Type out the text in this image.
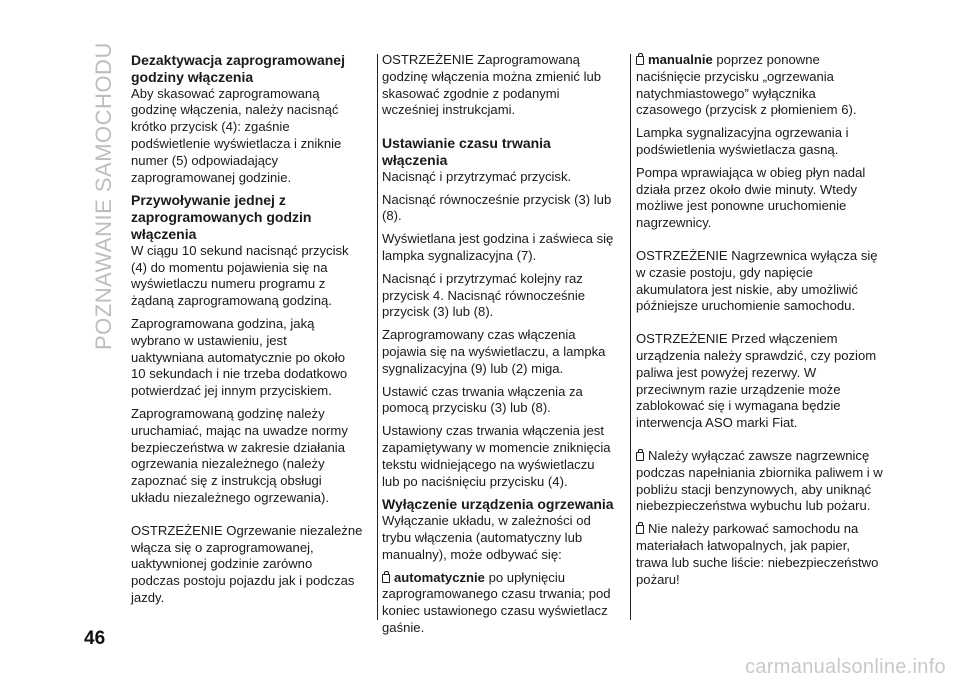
POZNAWANIE SAMOCHODU
46
Dezaktywacja zaprogramowanej godziny włączenia

Aby skasować zaprogramowaną godzinę włączenia, należy nacisnąć krótko przycisk (4): zgaśnie podświetlenie wyświetlacza i zniknie numer (5) odpowiadający zaprogramowanej godzinie.

Przywoływanie jednej z zaprogramowanych godzin włączenia

W ciągu 10 sekund nacisnąć przycisk (4) do momentu pojawienia się na wyświetlaczu numeru programu z żądaną zaprogramowaną godziną.

Zaprogramowana godzina, jaką wybrano w ustawieniu, jest uaktywniana automatycznie po około 10 sekundach i nie trzeba dodatkowo potwierdzać jej innym przyciskiem.

Zaprogramowaną godzinę należy uruchamiać, mając na uwadze normy bezpieczeństwa w zakresie działania ogrzewania niezależnego (należy zapoznać się z instrukcją obsługi układu niezależnego ogrzewania).

OSTRZEŻENIE Ogrzewanie niezależne włącza się o zaprogramowanej, uaktywnionej godzinie zarówno podczas postoju pojazdu jak i podczas jazdy.

OSTRZEŻENIE Zaprogramowaną godzinę włączenia można zmienić lub skasować zgodnie z podanymi wcześniej instrukcjami.

Ustawianie czasu trwania włączenia

Nacisnąć i przytrzymać przycisk.

Nacisnąć równocześnie przycisk (3) lub (8).

Wyświetlana jest godzina i zaświeca się lampka sygnalizacyjna (7).

Nacisnąć i przytrzymać kolejny raz przycisk 4. Nacisnąć równocześnie przycisk (3) lub (8).

Zaprogramowany czas włączenia pojawia się na wyświetlaczu, a lampka sygnalizacyjna (9) lub (2) miga.

Ustawić czas trwania włączenia za pomocą przycisku (3) lub (8).

Ustawiony czas trwania włączenia jest zapamiętywany w momencie zniknięcia tekstu widniejącego na wyświetlaczu lub po naciśnięciu przycisku (4).

Wyłączenie urządzenia ogrzewania

Wyłączanie układu, w zależności od trybu włączenia (automatyczny lub manualny), może odbywać się:

automatycznie po upłynięciu zaprogramowanego czasu trwania; pod koniec ustawionego czasu wyświetlacz gaśnie.

manualnie poprzez ponowne naciśnięcie przycisku „ogrzewania natychmiastowego” wyłącznika czasowego (przycisk z płomieniem 6).

Lampka sygnalizacyjna ogrzewania i podświetlenia wyświetlacza gasną.

Pompa wprawiająca w obieg płyn nadal działa przez około dwie minuty. Wtedy możliwe jest ponowne uruchomienie nagrzewnicy.

OSTRZEŻENIE Nagrzewnica wyłącza się w czasie postoju, gdy napięcie akumulatora jest niskie, aby umożliwić późniejsze uruchomienie samochodu.

OSTRZEŻENIE Przed włączeniem urządzenia należy sprawdzić, czy poziom paliwa jest powyżej rezerwy. W przeciwnym razie urządzenie może zablokować się i wymagana będzie interwencja ASO marki Fiat.

Należy wyłączać zawsze nagrzewnicę podczas napełniania zbiornika paliwem i w pobliżu stacji benzynowych, aby uniknąć niebezpieczeństwa wybuchu lub pożaru.

Nie należy parkować samochodu na materiałach łatwopalnych, jak papier, trawa lub suche liście: niebezpieczeństwo pożaru!

carmanualsonline.info
